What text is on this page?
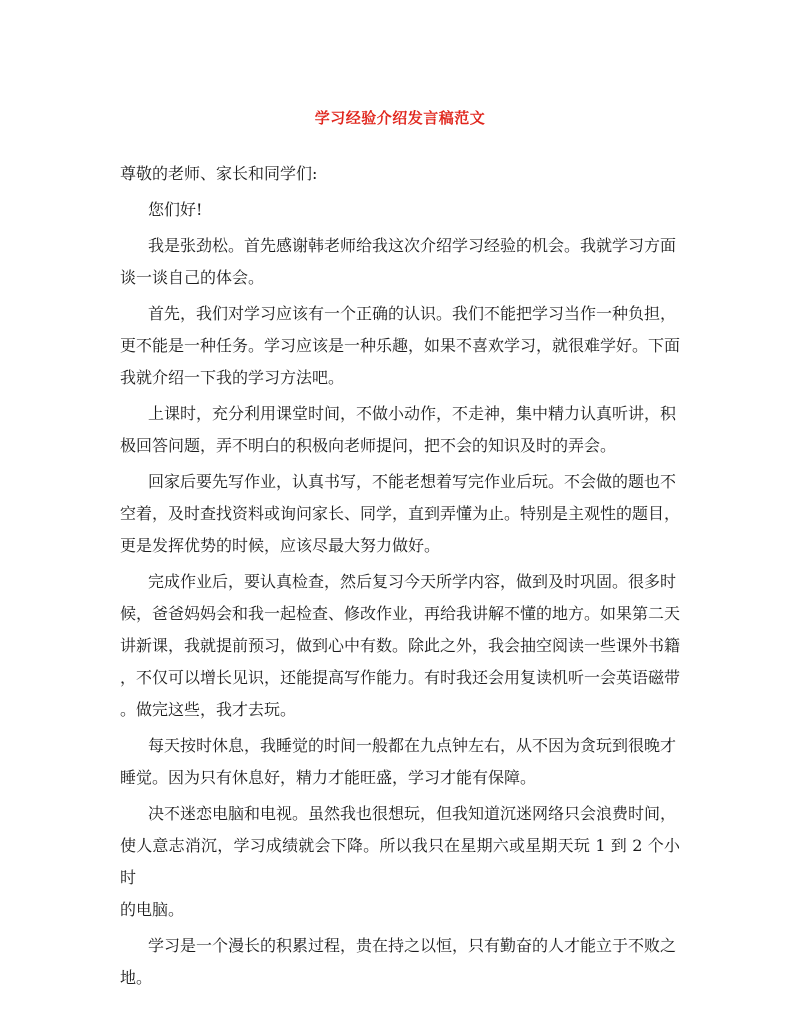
学习经验介绍发言稿范文

尊敬的老师、家长和同学们:

您们好!

我是张劲松。首先感谢韩老师给我这次介绍学习经验的机会。我就学习方面
谈一谈自己的体会。

首先，我们对学习应该有一个正确的认识。我们不能把学习当作一种负担，
更不能是一种任务。学习应该是一种乐趣，如果不喜欢学习，就很难学好。下面
我就介绍一下我的学习方法吧。

上课时，充分利用课堂时间，不做小动作，不走神，集中精力认真听讲，积
极回答问题，弄不明白的积极向老师提问，把不会的知识及时的弄会。

回家后要先写作业，认真书写，不能老想着写完作业后玩。不会做的题也不
空着，及时查找资料或询问家长、同学，直到弄懂为止。特别是主观性的题目，
更是发挥优势的时候，应该尽最大努力做好。

完成作业后，要认真检查，然后复习今天所学内容，做到及时巩固。很多时
候，爸爸妈妈会和我一起检查、修改作业，再给我讲解不懂的地方。如果第二天
讲新课，我就提前预习，做到心中有数。除此之外，我会抽空阅读一些课外书籍
，不仅可以增长见识，还能提高写作能力。有时我还会用复读机听一会英语磁带
。做完这些，我才去玩。

每天按时休息，我睡觉的时间一般都在九点钟左右，从不因为贪玩到很晚才
睡觉。因为只有休息好，精力才能旺盛，学习才能有保障。

决不迷恋电脑和电视。虽然我也很想玩，但我知道沉迷网络只会浪费时间，
使人意志消沉，学习成绩就会下降。所以我只在星期六或星期天玩 1 到 2 个小时
的电脑。

学习是一个漫长的积累过程，贵在持之以恒，只有勤奋的人才能立于不败之
地。
